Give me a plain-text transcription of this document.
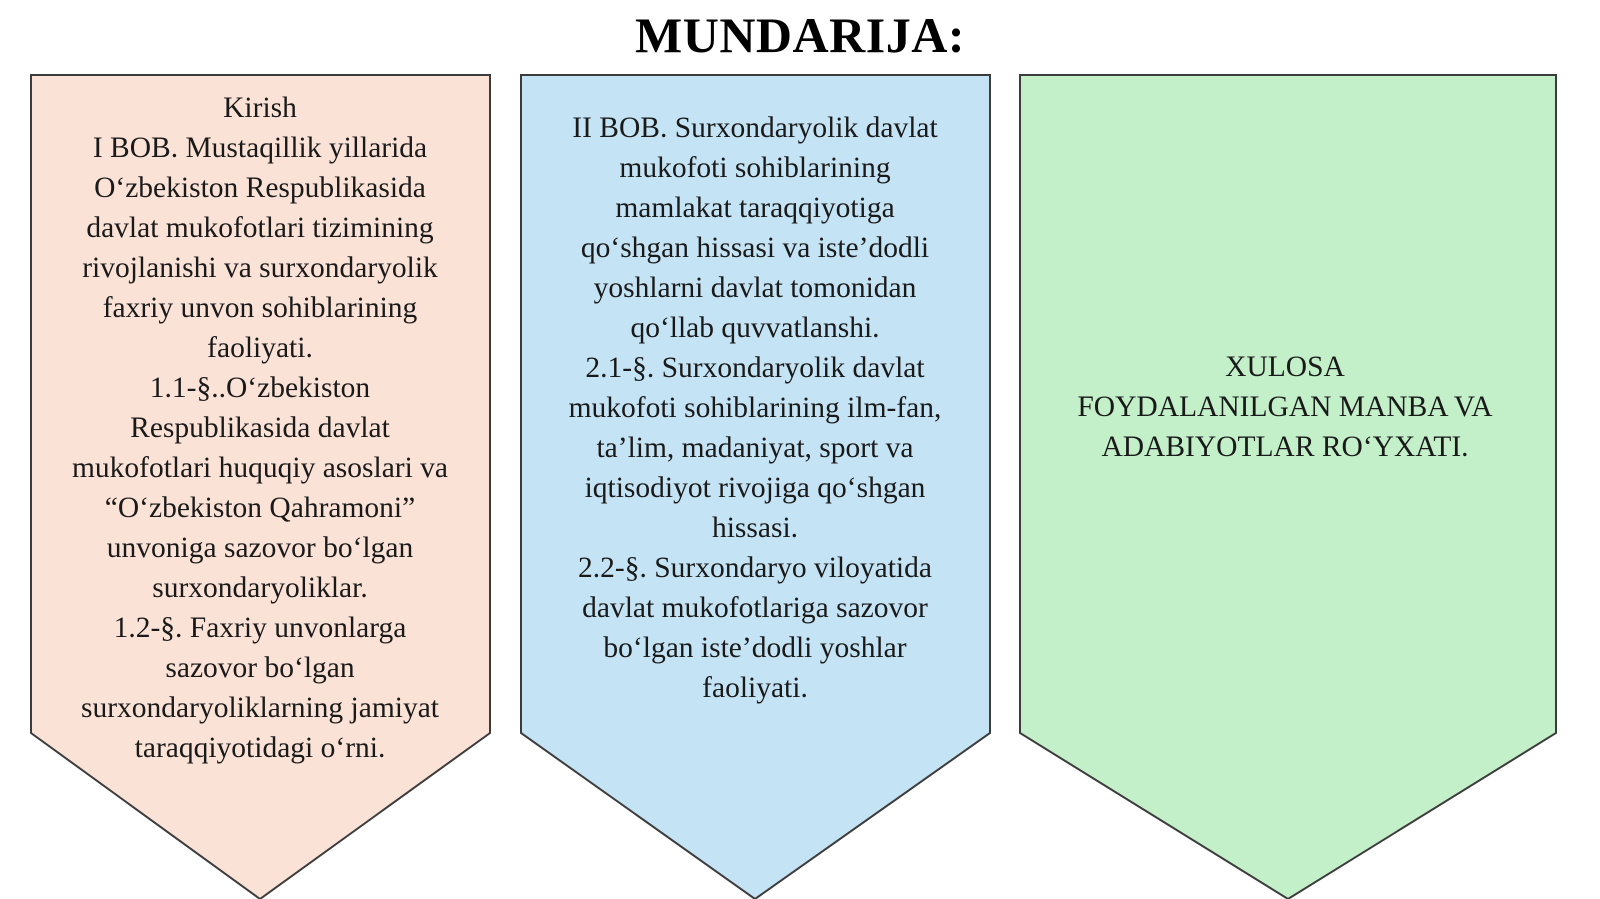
MUNDARIJA:
Kirish
I BOB. Mustaqillik yillarida
O‘zbekiston Respublikasida
davlat mukofotlari tizimining
rivojlanishi va surxondaryolik
faxriy unvon sohiblarining
faoliyati.
1.1-§..O‘zbekiston
Respublikasida davlat
mukofotlari huquqiy asoslari va
“O‘zbekiston Qahramoni”
unvoniga sazovor bo‘lgan
surxondaryoliklar.
1.2-§. Faxriy unvonlarga
sazovor bo‘lgan
surxondaryoliklarning jamiyat
taraqqiyotidagi o‘rni.
II BOB. Surxondaryolik davlat
mukofoti sohiblarining
mamlakat taraqqiyotiga
qo‘shgan hissasi va iste’dodli
yoshlarni davlat tomonidan
qo‘llab quvvatlanshi.
2.1-§. Surxondaryolik davlat
mukofoti sohiblarining ilm-fan,
ta’lim, madaniyat, sport va
iqtisodiyot rivojiga qo‘shgan
hissasi.
2.2-§. Surxondaryo viloyatida
davlat mukofotlariga sazovor
bo‘lgan iste’dodli yoshlar
faoliyati.
XULOSA
FOYDALANILGAN MANBA VA
ADABIYOTLAR RO‘YXATI.
